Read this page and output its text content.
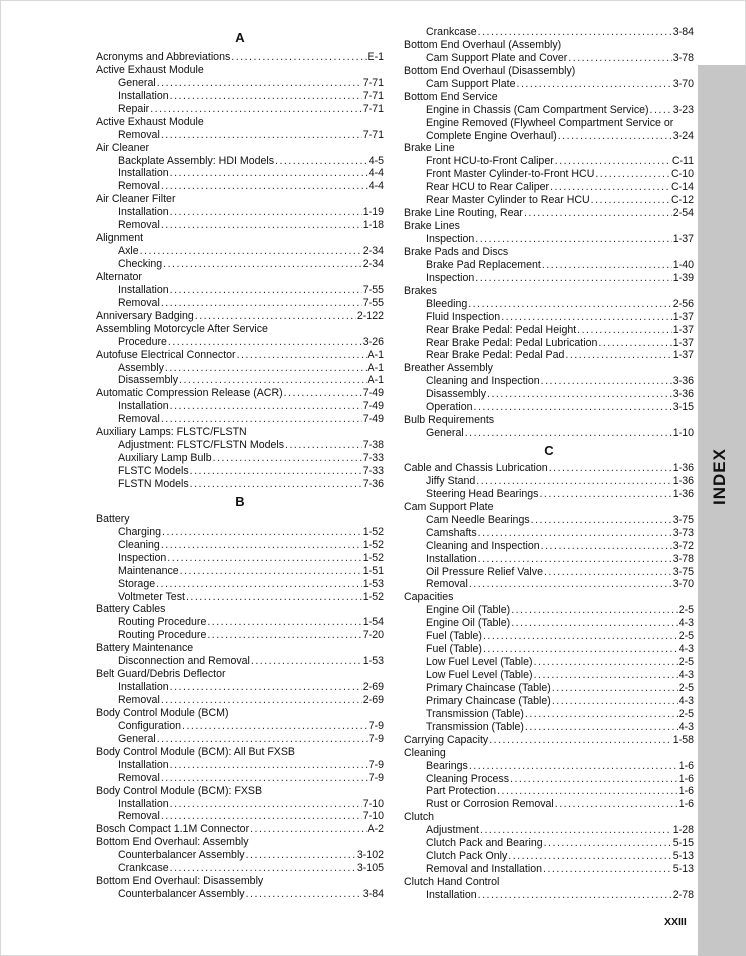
A
Acronyms and Abbreviations .....	E-1
Active Exhaust Module
General .....	7-71
Installation .....	7-71
Repair .....	7-71
Active Exhaust Module
Removal .....	7-71
Air Cleaner
Backplate Assembly: HDI Models .....	4-5
Installation .....	4-4
Removal .....	4-4
Air Cleaner Filter
Installation .....	1-19
Removal .....	1-18
Alignment
Axle .....	2-34
Checking .....	2-34
Alternator
Installation .....	7-55
Removal .....	7-55
Anniversary Badging .....	2-122
Assembling Motorcycle After Service
Procedure .....	3-26
Autofuse Electrical Connector .....	A-1
Assembly .....	A-1
Disassembly .....	A-1
Automatic Compression Release (ACR) .....	7-49
Installation .....	7-49
Removal .....	7-49
Auxiliary Lamps: FLSTC/FLSTN
Adjustment: FLSTC/FLSTN Models .....	7-38
Auxiliary Lamp Bulb .....	7-33
FLSTC Models .....	7-33
FLSTN Models .....	7-36
B
Battery
Charging .....	1-52
Cleaning .....	1-52
Inspection .....	1-52
Maintenance .....	1-51
Storage .....	1-53
Voltmeter Test .....	1-52
Battery Cables
Routing Procedure .....	1-54
Routing Procedure .....	7-20
Battery Maintenance
Disconnection and Removal .....	1-53
Belt Guard/Debris Deflector
Installation .....	2-69
Removal .....	2-69
Body Control Module (BCM)
Configuration .....	7-9
General .....	7-9
Body Control Module (BCM): All But FXSB
Installation .....	7-9
Removal .....	7-9
Body Control Module (BCM): FXSB
Installation .....	7-10
Removal .....	7-10
Bosch Compact 1.1M Connector .....	A-2
Bottom End Overhaul: Assembly
Counterbalancer Assembly .....	3-102
Crankcase .....	3-105
Bottom End Overhaul: Disassembly
Counterbalancer Assembly .....	3-84
Crankcase .....	3-84
Bottom End Overhaul (Assembly)
Cam Support Plate and Cover .....	3-78
Bottom End Overhaul (Disassembly)
Cam Support Plate .....	3-70
Bottom End Service
Engine in Chassis (Cam Compartment Service) ..... 3-23
Engine Removed (Flywheel Compartment Service or
Complete Engine Overhaul) .....	3-24
Brake Line
Front HCU-to-Front Caliper .....	C-11
Front Master Cylinder-to-Front HCU .....	C-10
Rear HCU to Rear Caliper .....	C-14
Rear Master Cylinder to Rear HCU .....	C-12
Brake Line Routing, Rear .....	2-54
Brake Lines
Inspection .....	1-37
Brake Pads and Discs
Brake Pad Replacement .....	1-40
Inspection .....	1-39
Brakes
Bleeding .....	2-56
Fluid Inspection .....	1-37
Rear Brake Pedal: Pedal Height .....	1-37
Rear Brake Pedal: Pedal Lubrication .....	1-37
Rear Brake Pedal: Pedal Pad .....	1-37
Breather Assembly
Cleaning and Inspection .....	3-36
Disassembly .....	3-36
Operation .....	3-15
Bulb Requirements
General .....	1-10
C
Cable and Chassis Lubrication .....	1-36
Jiffy Stand .....	1-36
Steering Head Bearings .....	1-36
Cam Support Plate
Cam Needle Bearings .....	3-75
Camshafts .....	3-73
Cleaning and Inspection .....	3-72
Installation .....	3-78
Oil Pressure Relief Valve .....	3-75
Removal .....	3-70
Capacities
Engine Oil (Table) .....	2-5
Engine Oil (Table) .....	4-3
Fuel (Table) .....	2-5
Fuel (Table) .....	4-3
Low Fuel Level (Table) .....	2-5
Low Fuel Level (Table) .....	4-3
Primary Chaincase (Table) .....	2-5
Primary Chaincase (Table) .....	4-3
Transmission (Table) .....	2-5
Transmission (Table) .....	4-3
Carrying Capacity .....	1-58
Cleaning
Bearings .....	1-6
Cleaning Process .....	1-6
Part Protection .....	1-6
Rust or Corrosion Removal .....	1-6
Clutch
Adjustment .....	1-28
Clutch Pack and Bearing .....	5-15
Clutch Pack Only .....	5-13
Removal and Installation .....	5-13
Clutch Hand Control
Installation .....	2-78
INDEX
XXIII
